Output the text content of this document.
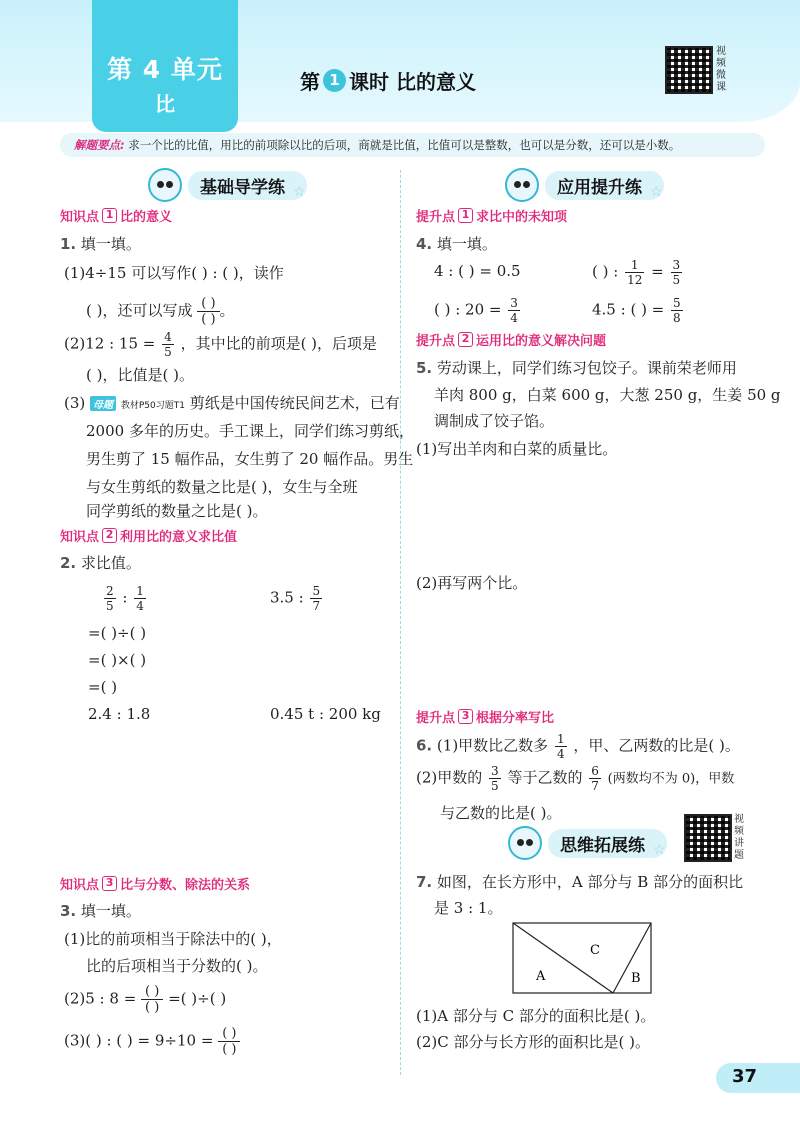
第 4 单元
比
第 1 课时 比的意义
视频微课
解题要点: 求一个比的比值，用比的前项除以比的后项，商就是比值，比值可以是整数，也可以是分数，还可以是小数。
基础导学练 ☆
知识点 1 比的意义
1. 填一填。
(1)4÷15 可以写作( ) : ( )，读作
( )，还可以写成 $\frac{( )}{( )}$。
(2)12 : $15 = \frac{4}{5}$ ，其中比的前项是( )，后项是
( )，比值是( )。
(3) 母题 教材P50习题T1 剪纸是中国传统民间艺术，已有
2000 多年的历史。手工课上，同学们练习剪纸，
男生剪了 15 幅作品，女生剪了 20 幅作品。男生
与女生剪纸的数量之比是( )，女生与全班
同学剪纸的数量之比是( )。
知识点 2 利用比的意义求比值
2. 求比值。
$\frac{2}{5}$ : $\frac{1}{4}$	3.5 : $\frac{5}{7}$
=( )÷( )
=( )×( )
=( )
2.4 : 1.8	0.45 t : 200 kg
知识点 3 比与分数、除法的关系
3. 填一填。
(1)比的前项相当于除法中的( )，
比的后项相当于分数的( )。
(2)5 : $8 = \frac{( )}{( )}$ =( )÷( )
(3)( ) : ( ) = $9\div 10 = \frac{( )}{( )}$
应用提升练 ☆
提升点 1 求比中的未知项
4. 填一填。
4 : ( ) = 0.5	( ) : $\frac{1}{12} = \frac{3}{5}$
( ) : $20 = \frac{3}{4}$	4.5 : ( ) = $\frac{5}{8}$
提升点 2 运用比的意义解决问题
5. 劳动课上，同学们练习包饺子。课前荣老师用
羊肉 800 g，白菜 600 g，大葱 250 g，生姜 50 g
调制成了饺子馅。
(1)写出羊肉和白菜的质量比。
(2)再写两个比。
提升点 3 根据分率写比
6. (1)甲数比乙数多 $\frac{1}{4}$ ，甲、乙两数的比是( )。
(2)甲数的 $\frac{3}{5}$ 等于乙数的 $\frac{6}{7}$ (两数均不为 0)，甲数
与乙数的比是( )。
思维拓展练 ☆
视频讲题
7. 如图，在长方形中，A 部分与 B 部分的面积比
是 3 : 1。
A	B
C
(1)A 部分与 C 部分的面积比是( )。
(2)C 部分与长方形的面积比是( )。
37
